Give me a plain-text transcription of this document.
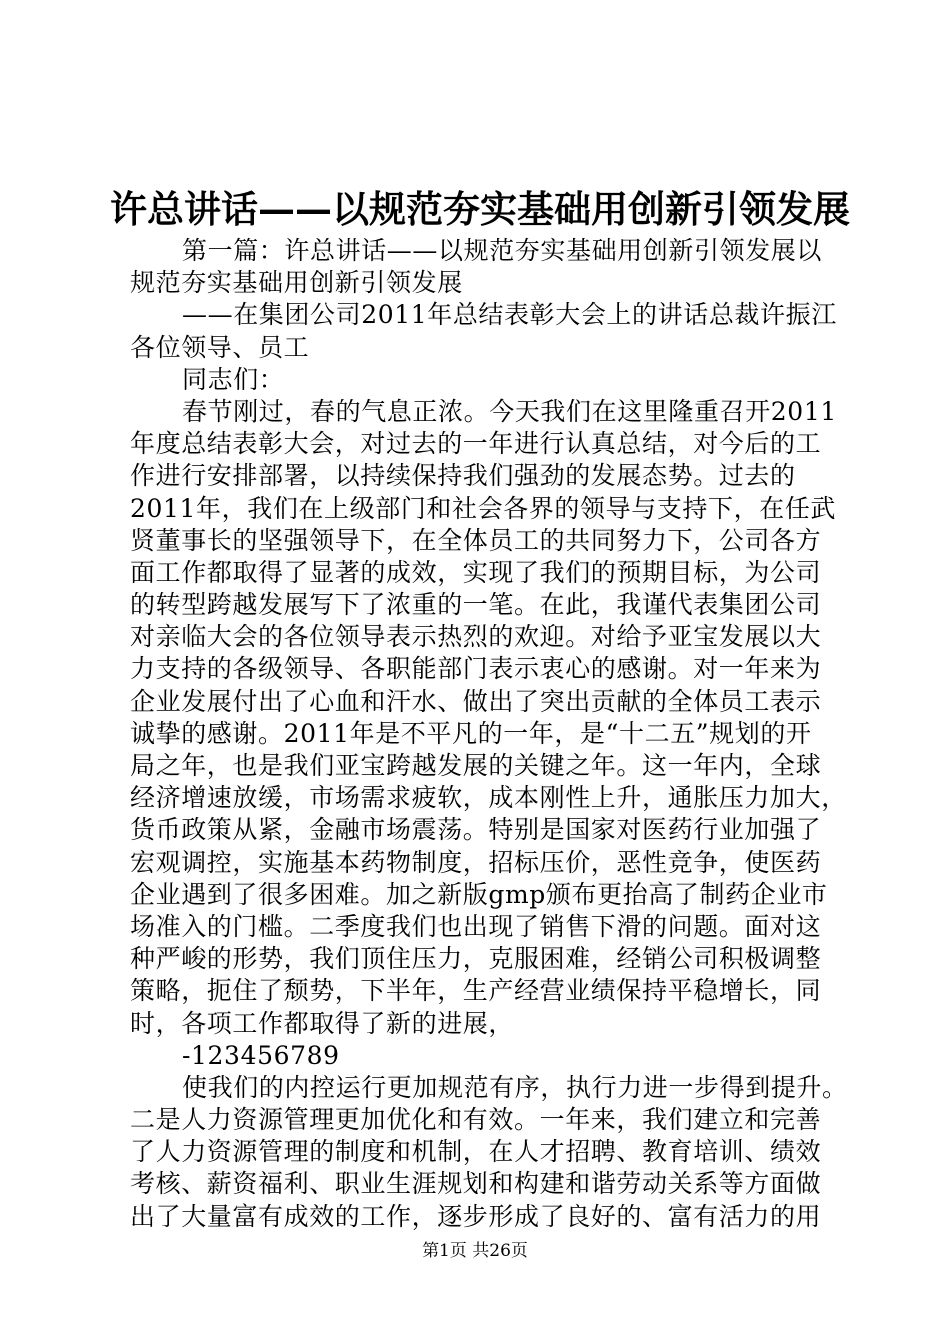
许总讲话——以规范夯实基础用创新引领发展
第一篇：许总讲话——以规范夯实基础用创新引领发展以
规范夯实基础用创新引领发展
——在集团公司2011年总结表彰大会上的讲话总裁许振江
各位领导、员工
同志们：
春节刚过，春的气息正浓。今天我们在这里隆重召开2011
年度总结表彰大会，对过去的一年进行认真总结，对今后的工
作进行安排部署，以持续保持我们强劲的发展态势。过去的
2011年，我们在上级部门和社会各界的领导与支持下，在任武
贤董事长的坚强领导下，在全体员工的共同努力下，公司各方
面工作都取得了显著的成效，实现了我们的预期目标，为公司
的转型跨越发展写下了浓重的一笔。在此，我谨代表集团公司
对亲临大会的各位领导表示热烈的欢迎。对给予亚宝发展以大
力支持的各级领导、各职能部门表示衷心的感谢。对一年来为
企业发展付出了心血和汗水、做出了突出贡献的全体员工表示
诚挚的感谢。2011年是不平凡的一年，是“十二五”规划的开
局之年，也是我们亚宝跨越发展的关键之年。这一年内，全球
经济增速放缓，市场需求疲软，成本刚性上升，通胀压力加大，
货币政策从紧，金融市场震荡。特别是国家对医药行业加强了
宏观调控，实施基本药物制度，招标压价，恶性竞争，使医药
企业遇到了很多困难。加之新版gmp颁布更抬高了制药企业市
场准入的门槛。二季度我们也出现了销售下滑的问题。面对这
种严峻的形势，我们顶住压力，克服困难，经销公司积极调整
策略，扼住了颓势，下半年，生产经营业绩保持平稳增长，同
时，各项工作都取得了新的进展，
-123456789
使我们的内控运行更加规范有序，执行力进一步得到提升。
二是人力资源管理更加优化和有效。一年来，我们建立和完善
了人力资源管理的制度和机制，在人才招聘、教育培训、绩效
考核、薪资福利、职业生涯规划和构建和谐劳动关系等方面做
出了大量富有成效的工作，逐步形成了良好的、富有活力的用
第1页 共26页
